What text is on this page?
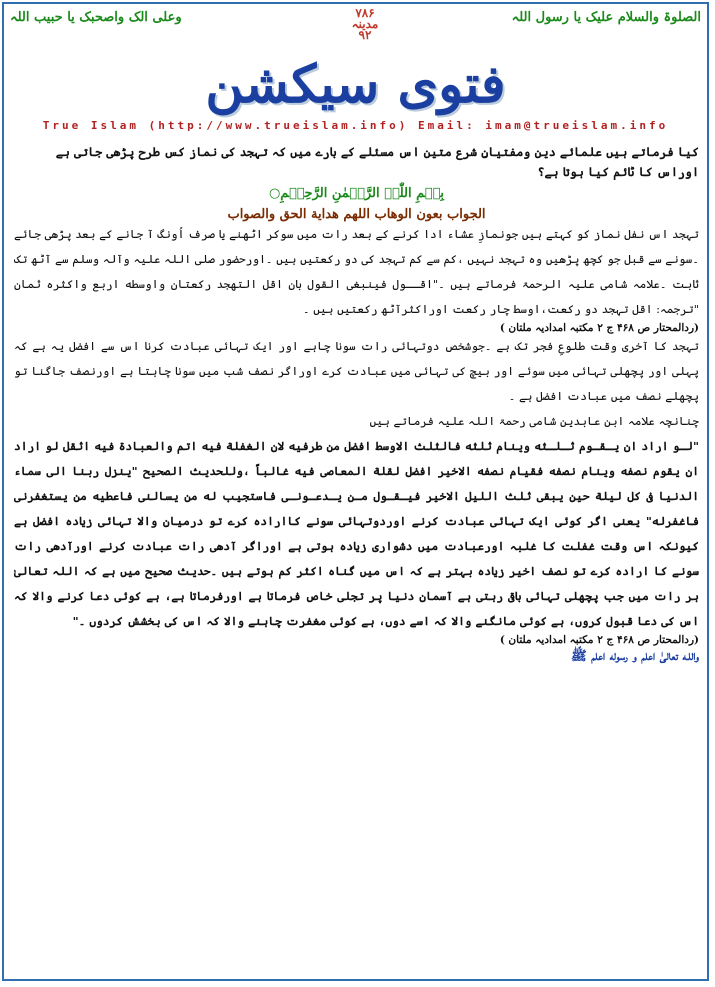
الصلوۃ والسلام علیک یا رسول اللہ
۷۸۶
مدینہ
۹۲
وعلی الک واصحبک یا حبیب اللہ
فتوی سیکشن
True Islam (http://www.trueislam.info) Email: imam@trueislam.info
کیا فرماتے ہیں علمائے دین ومفتیانِ شرع متین اس مسئلے کے بارے میں کہ تہجد کی نماز کس طرح پڑھی جاتی ہے اوراس کا ٹائم کیا ہوتا ہے؟
بِسۡمِ اللّٰہِ الرَّحۡمٰنِ الرَّحِیۡمِ○
الجواب بعون الوهاب اللهم هداية الحق والصواب
تہجد اس نفل نماز کو کہتے ہیں جونمازِ عشاء ادا کرنے کے بعد رات میں سوکر اٹھنے یا صرف اُونگ آ جانے کے بعد پڑھی جائے ۔سونے سے قبل جو کچھ پڑھیں وہ تہجد نہیں ،کم سے کم تہجد کی دو رکعتیں ہیں ۔اورحضور صلی اللہ علیہ وآلہ وسلم سے آٹھ تک ثابت ۔علامہ شامی علیہ الرحمۃ فرماتے ہیں ۔"اقــول فینبغی القول بان اقل التهجد رکعتان واوسطه اربع واكثره ثمان "ترجمہ: اقل تہجد دو رکعت،اوسط چار رکعت اوراکثرآٹھ رکعتیں ہیں ۔
(ردالمحتار ص ۴۶۸ ج ۲ مکتبہ امدادیہ ملتان )
تہجد کا آخری وقت طلوعِ فجر تک ہے ۔جوشخص دوتہائی رات سونا چاہے اور ایک تہائی عبادت کرنا اس سے افضل یہ ہے کہ پہلی اور پچھلی تہائی میں سوئے اور بیچ کی تہائی میں عبادت کرے اوراگر نصف شب میں سونا چاہتا ہے اورنصف جاگنا تو پچھلے نصف میں عبادت افضل ہے ۔
چنانچہ علامہ ابن عابدین شامی رحمۃ اللہ علیہ فرماتے ہیں
"لـو اراد ان یـقـوم ثـلـثه وینام ثلثه فالثلث الاوسط افضل من طرفیه لان الغفلة فیه اتم والعبادة فیه اثقل لو اراد ان یقوم نصفه وینام نصفه فقیام نصفه الاخیر افضل لقلة المعاصی فیه غالباً ،وللحدیث الصحیح "ینزل ربنا الی سماء الدنیا فی کل لیلة حین یبقی ثلث اللیل الاخیر فیـقـول مـن یـدعـونـی فاستجیب له من یسالنی فاعطیه من یستغفرنی فاغفرله" یعنی اگر کوئی ایک تہائی عبادت کرنے اوردوتہائی سونے کاارادہ کرے تو درمیان والا تہائی زیادہ افضل ہے کیونکہ اس وقت غفلت کا غلبہ اورعبادت میں دشواری زیادہ ہوتی ہے اوراگر آدھی رات عبادت کرنے اورآدھی رات سونے کا ارادہ کرے تو نصف اخیر زیادہ بہتر ہے کہ اس میں گناہ اکثر کم ہوتے ہیں ۔حدیث صحیح میں ہے کہ اللہ تعالیٰ ہر رات میں جب پچھلی تہائی باقی رہتی ہے آسمان دنیا پر تجلی خاص فرماتا ہے اورفرماتا ہے، ہے کوئی دعا کرنے والا کہ اس کی دعا قبول کروں، ہے کوئی مانگنے والا کہ اسے دوں، ہے کوئی مغفرت چاہنے والا کہ اس کی بخشش کردوں ۔"
(ردالمحتار ص ۴۶۸ ج ۲ مکتبہ امدادیہ ملتان )
واللـه تعالیٰ اعلم و رسوله اعلم ﷺ
